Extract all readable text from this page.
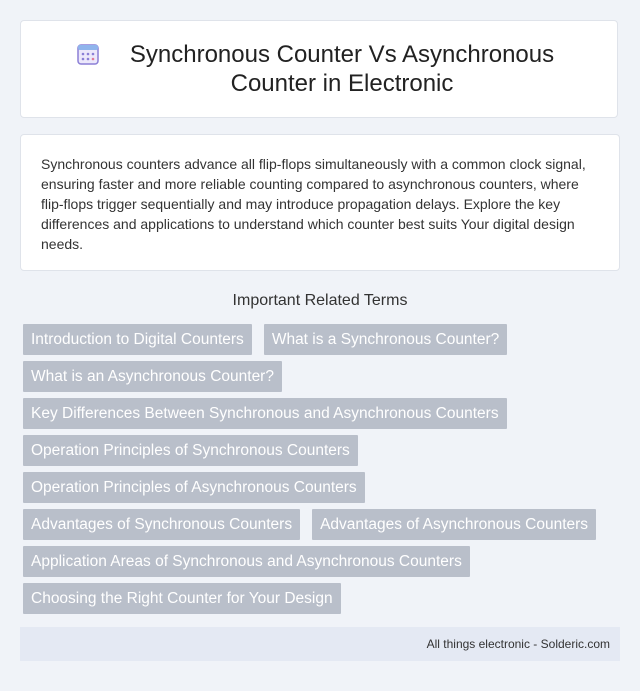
Synchronous Counter Vs Asynchronous Counter in Electronic

Synchronous counters advance all flip-flops simultaneously with a common clock signal, ensuring faster and more reliable counting compared to asynchronous counters, where flip-flops trigger sequentially and may introduce propagation delays. Explore the key differences and applications to understand which counter best suits Your digital design needs.

Important Related Terms
Introduction to Digital Counters	What is a Synchronous Counter?
What is an Asynchronous Counter?
Key Differences Between Synchronous and Asynchronous Counters
Operation Principles of Synchronous Counters
Operation Principles of Asynchronous Counters
Advantages of Synchronous Counters	Advantages of Asynchronous Counters
Application Areas of Synchronous and Asynchronous Counters
Choosing the Right Counter for Your Design
All things electronic - Solderic.com
